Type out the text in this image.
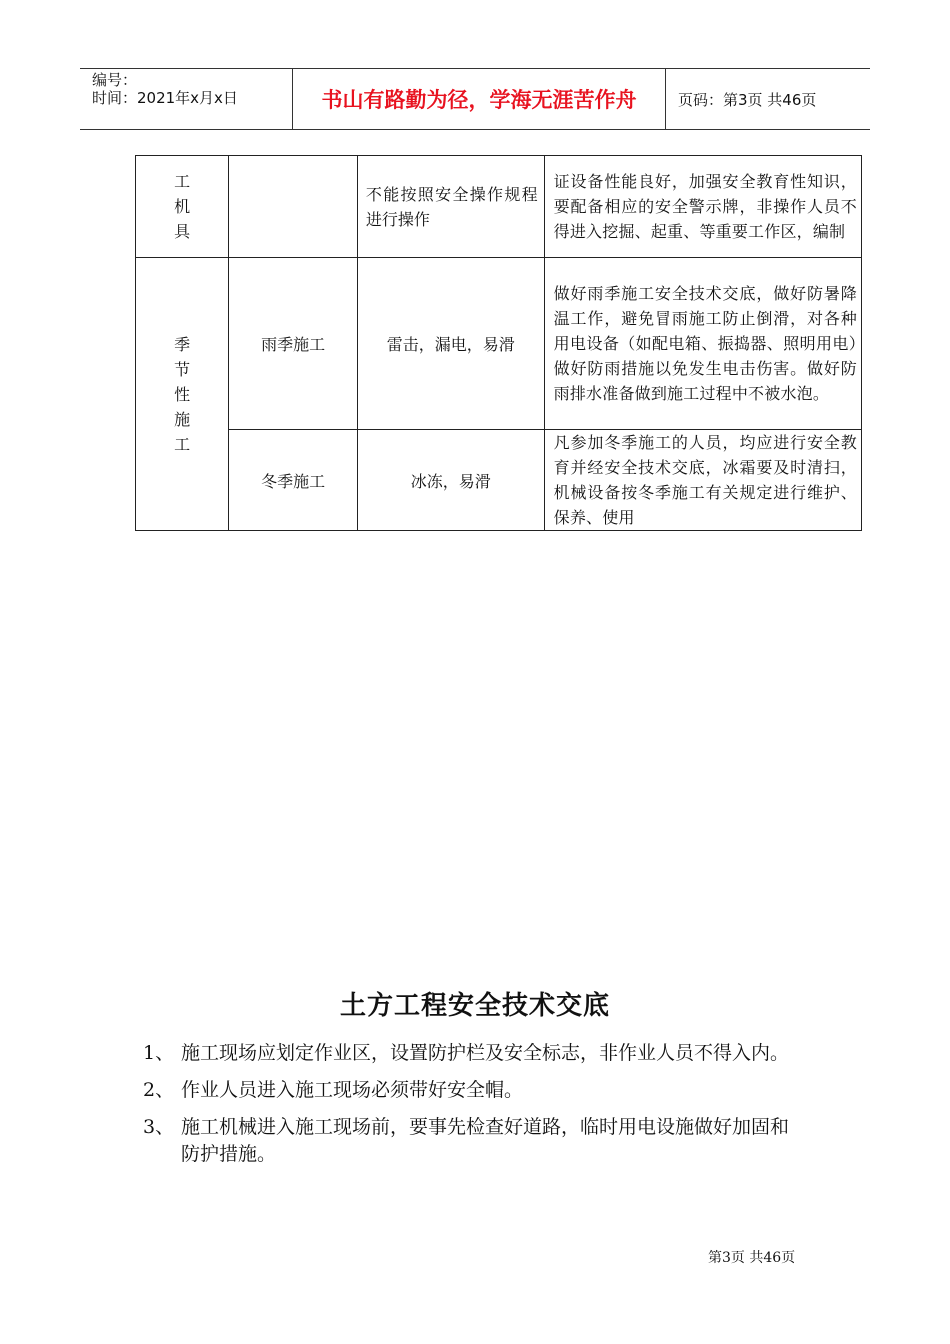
编号：
时间：2021年x月x日	书山有路勤为径，学海无涯苦作舟	页码：第3页 共46页
工机具		不能按照安全操作规程进行操作	证设备性能良好，加强安全教育性知识，要配备相应的安全警示牌，非操作人员不得进入挖掘、起重、等重要工作区，编制
季节性施工	雨季施工	雷击，漏电，易滑	做好雨季施工安全技术交底，做好防暑降温工作，避免冒雨施工防止倒滑，对各种用电设备（如配电箱、振捣器、照明用电）做好防雨措施以免发生电击伤害。做好防雨排水准备做到施工过程中不被水泡。
	冬季施工	冰冻，易滑	凡参加冬季施工的人员，均应进行安全教育并经安全技术交底，冰霜要及时清扫，机械设备按冬季施工有关规定进行维护、保养、使用
土方工程安全技术交底
1、 施工现场应划定作业区，设置防护栏及安全标志，非作业人员不得入内。
2、 作业人员进入施工现场必须带好安全帽。
3、 施工机械进入施工现场前，要事先检查好道路，临时用电设施做好加固和防护措施。
第3页 共46页
